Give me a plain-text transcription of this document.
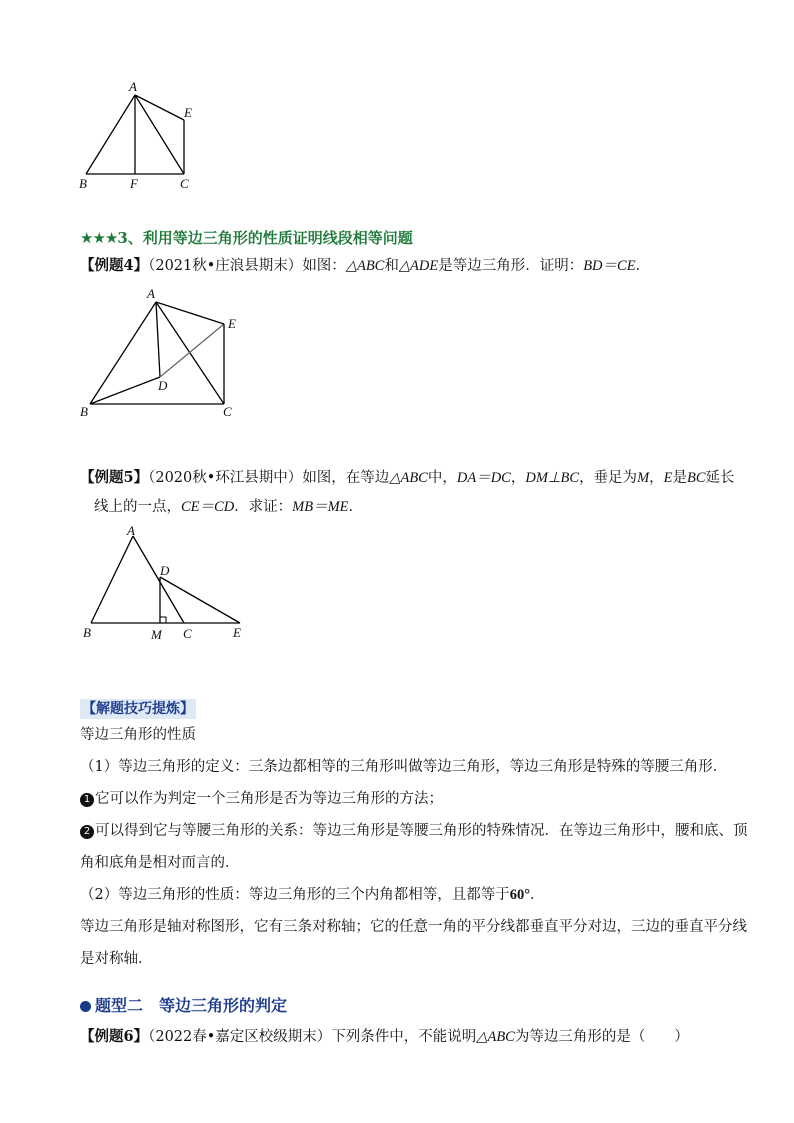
A
E
B	F	C
★★★3、利用等边三角形的性质证明线段相等问题
【例题4】（2021秋•庄浪县期末）如图：△ABC和△ADE是等边三角形．证明：BD＝CE．
A
E
D
B	C
【例题5】（2020秋•环江县期中）如图，在等边△ABC中，DA＝DC，DM⊥BC，垂足为M，E是BC延长
线上的一点，CE＝CD．求证：MB＝ME．
A
D
B	M C	E
【解题技巧提炼】
等边三角形的性质
（1）等边三角形的定义：三条边都相等的三角形叫做等边三角形，等边三角形是特殊的等腰三角形．
1 它可以作为判定一个三角形是否为等边三角形的方法；
2 可以得到它与等腰三角形的关系：等边三角形是等腰三角形的特殊情况．在等边三角形中，腰和底、顶
角和底角是相对而言的．
（2）等边三角形的性质：等边三角形的三个内角都相等，且都等于60°．
等边三角形是轴对称图形，它有三条对称轴；它的任意一角的平分线都垂直平分对边，三边的垂直平分线
是对称轴．
题型二　等边三角形的判定
【例题6】（2022春•嘉定区校级期末）下列条件中，不能说明△ABC为等边三角形的是（　　）
